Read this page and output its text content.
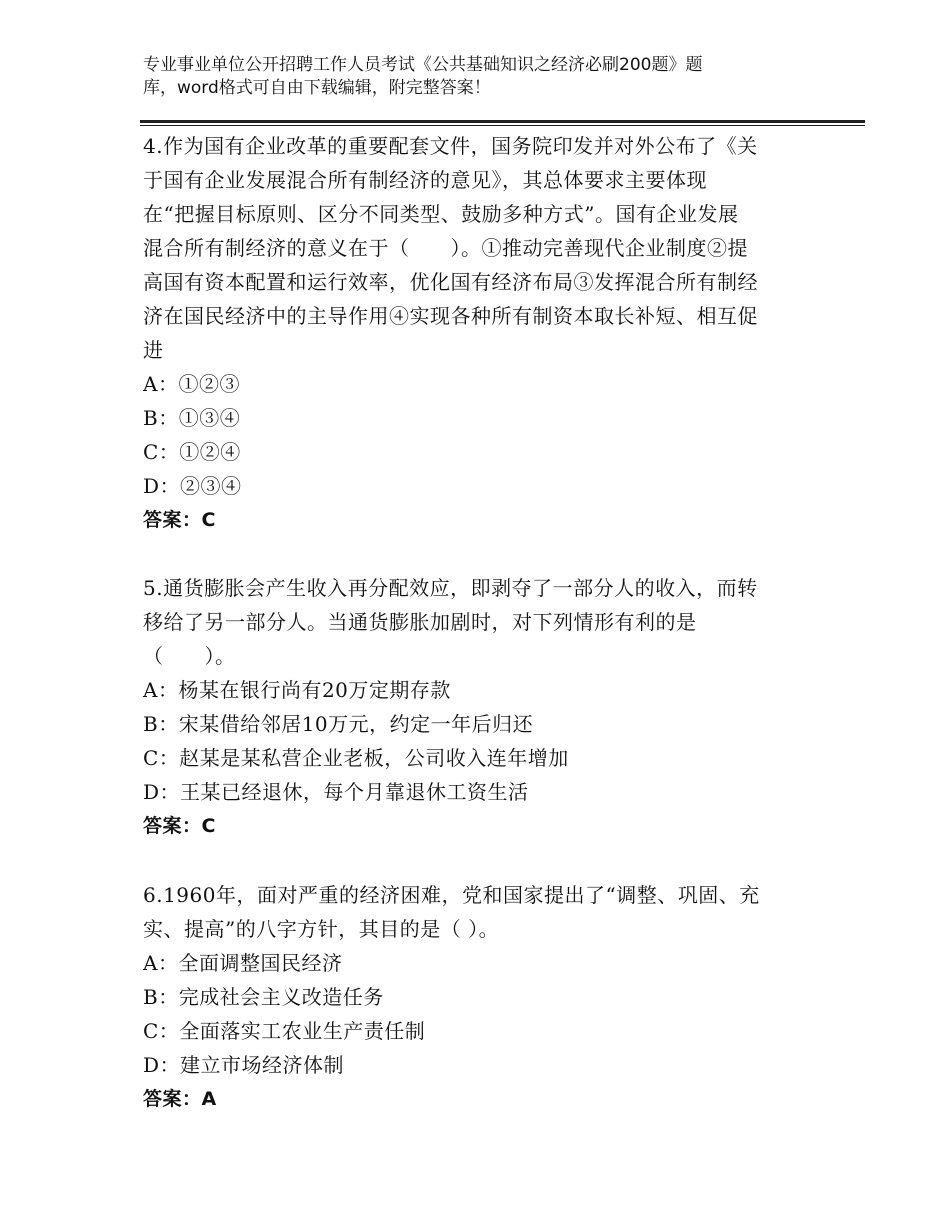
专业事业单位公开招聘工作人员考试《公共基础知识之经济必刷200题》题
库，word格式可自由下载编辑，附完整答案！
4.作为国有企业改革的重要配套文件，国务院印发并对外公布了《关
于国有企业发展混合所有制经济的意见》，其总体要求主要体现
在“把握目标原则、区分不同类型、鼓励多种方式”。国有企业发展
混合所有制经济的意义在于（　　）。①推动完善现代企业制度②提
高国有资本配置和运行效率，优化国有经济布局③发挥混合所有制经
济在国民经济中的主导作用④实现各种所有制资本取长补短、相互促
进
A：①②③
B：①③④
C：①②④
D：②③④
答案：C
5.通货膨胀会产生收入再分配效应，即剥夺了一部分人的收入，而转
移给了另一部分人。当通货膨胀加剧时，对下列情形有利的是
（　　）。
A：杨某在银行尚有20万定期存款
B：宋某借给邻居10万元，约定一年后归还
C：赵某是某私营企业老板，公司收入连年增加
D：王某已经退休，每个月靠退休工资生活
答案：C
6.1960年，面对严重的经济困难，党和国家提出了“调整、巩固、充
实、提高”的八字方针，其目的是（ ）。
A：全面调整国民经济
B：完成社会主义改造任务
C：全面落实工农业生产责任制
D：建立市场经济体制
答案：A
